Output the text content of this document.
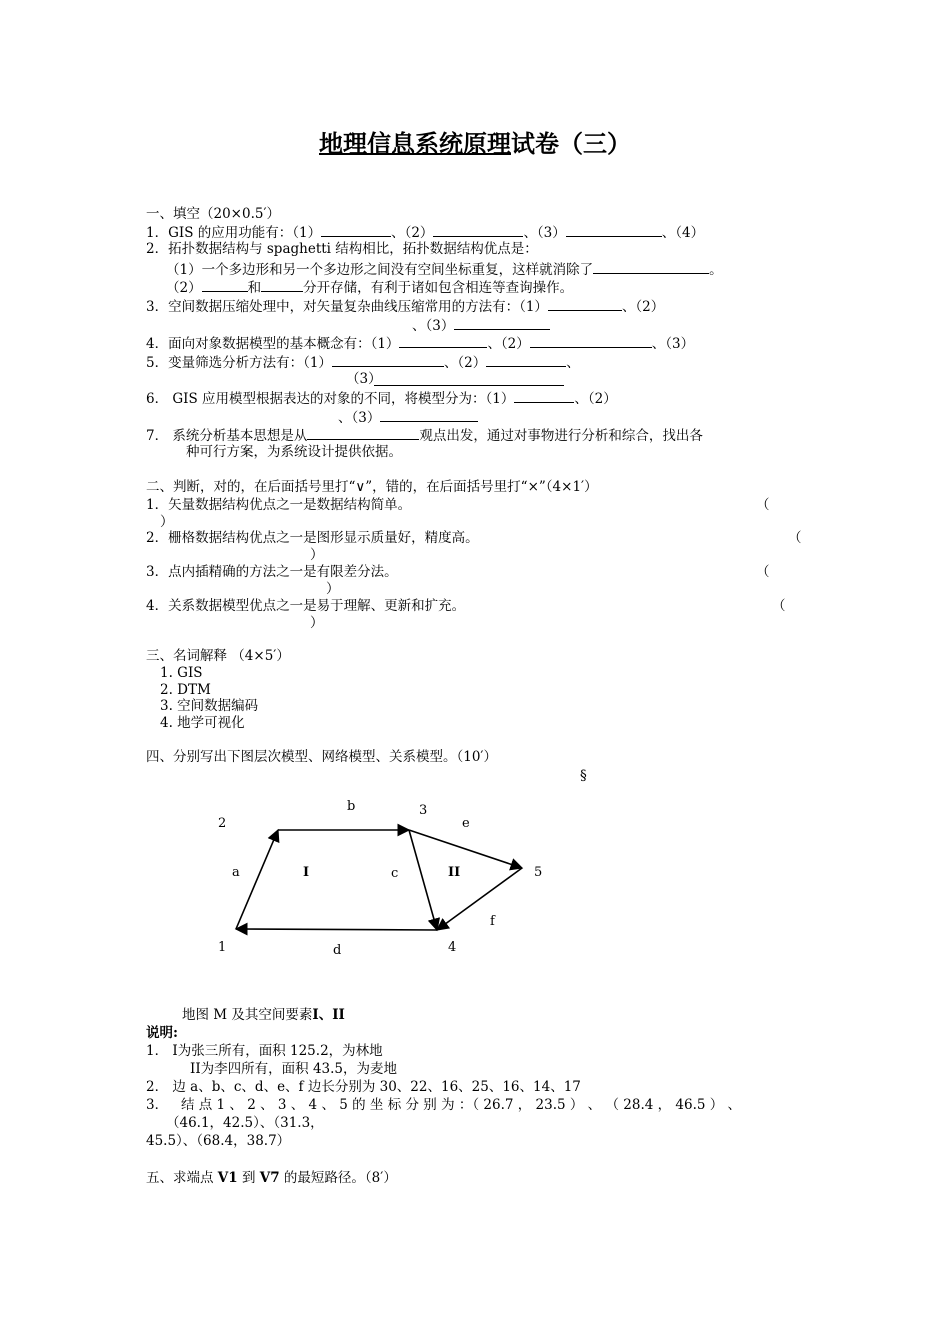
地理信息系统原理试卷（三）
一、填空（20×0.5′）
1．GIS 的应用功能有：（1）	、（2）	、（3）	、（4）
2．拓扑数据结构与 spaghetti 结构相比，拓扑数据结构优点是：
（1）一个多边形和另一个多边形之间没有空间坐标重复，这样就消除了	。
（2）	和	分开存储，有利于诸如包含相连等查询操作。
3．空间数据压缩处理中，对矢量复杂曲线压缩常用的方法有：（1）	、（2）
、（3）
4．面向对象数据模型的基本概念有：（1）	、（2）	、（3）
5．变量筛选分析方法有：（1）	、（2）	、
（3）
6． GIS 应用模型根据表达的对象的不同，将模型分为：（1）	、（2）
、（3）
7． 系统分析基本思想是从	观点出发，通过对事物进行分析和综合，找出各
种可行方案，为系统设计提供依据。
二、判断，对的，在后面括号里打“∨”，错的，在后面括号里打“×”（4×1′）
1．矢量数据结构优点之一是数据结构简单。	（
）
2．栅格数据结构优点之一是图形显示质量好，精度高。	（
）
3．点内插精确的方法之一是有限差分法。	（
）
4．关系数据模型优点之一是易于理解、更新和扩充。	（
）
三、名词解释 （4×5′）
1. GIS
2. DTM
3. 空间数据编码
4. 地学可视化
四、分别写出下图层次模型、网络模型、关系模型。（10′）
§
1
2
3
4
5
a
b
c
d
e
f
I	II
地图 M 及其空间要素I、II
说明:
1． I为张三所有，面积 125.2，为林地
II为李四所有，面积 43.5，为麦地
2． 边 a、b、c、d、e、f 边长分别为 30、22、16、25、16、14、17
3．   结 点 1 、 2 、 3 、 4 、 5 的 坐 标 分 别 为 ：（ 26.7 ， 23.5 ） 、 （ 28.4 ， 46.5 ） 、
（46.1，42.5）、（31.3，
45.5）、（68.4，38.7）
五、求端点 V1 到 V7 的最短路径。（8′）
